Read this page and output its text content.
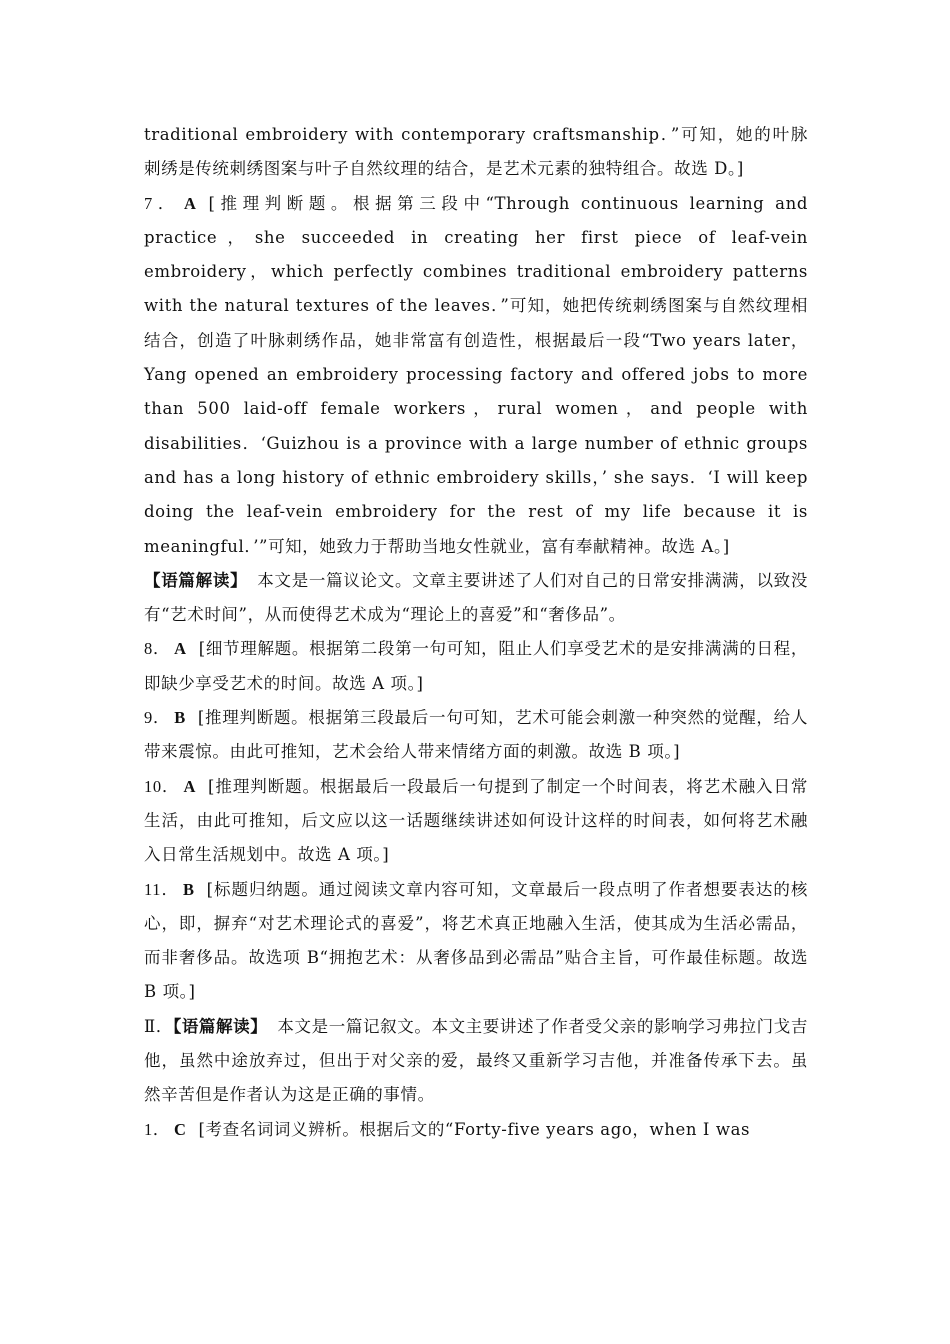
traditional embroidery with contemporary craftsmanship．”可知，她的叶脉刺绣是传统刺绣图案与叶子自然纹理的结合，是艺术元素的独特组合。故选 D。]

7． A [推理判断题。根据第三段中“Through continuous learning and practice，she succeeded in creating her first piece of leaf-vein embroidery，which perfectly combines traditional embroidery patterns with the natural textures of the leaves．”可知，她把传统刺绣图案与自然纹理相结合，创造了叶脉刺绣作品，她非常富有创造性，根据最后一段“Two years later，Yang opened an embroidery processing factory and offered jobs to more than 500 laid-off female workers，rural women，and people with disabilities．‘Guizhou is a province with a large number of ethnic groups and has a long history of ethnic embroidery skills，’ she says．‘I will keep doing the leaf-vein embroidery for the rest of my life because it is meaningful．’”可知，她致力于帮助当地女性就业，富有奉献精神。故选 A。]

【语篇解读】 本文是一篇议论文。文章主要讲述了人们对自己的日常安排满满，以致没有“艺术时间”，从而使得艺术成为“理论上的喜爱”和“奢侈品”。

8． A [细节理解题。根据第二段第一句可知，阻止人们享受艺术的是安排满满的日程，即缺少享受艺术的时间。故选 A 项。]

9． B [推理判断题。根据第三段最后一句可知，艺术可能会刺激一种突然的觉醒，给人带来震惊。由此可推知，艺术会给人带来情绪方面的刺激。故选 B 项。]

10． A [推理判断题。根据最后一段最后一句提到了制定一个时间表，将艺术融入日常生活，由此可推知，后文应以这一话题继续讲述如何设计这样的时间表，如何将艺术融入日常生活规划中。故选 A 项。]

11． B [标题归纳题。通过阅读文章内容可知，文章最后一段点明了作者想要表达的核心，即，摒弃“对艺术理论式的喜爱”，将艺术真正地融入生活，使其成为生活必需品，而非奢侈品。故选项 B“拥抱艺术：从奢侈品到必需品”贴合主旨，可作最佳标题。故选 B 项。]

Ⅱ．【语篇解读】 本文是一篇记叙文。本文主要讲述了作者受父亲的影响学习弗拉门戈吉他，虽然中途放弃过，但出于对父亲的爱，最终又重新学习吉他，并准备传承下去。虽然辛苦但是作者认为这是正确的事情。

1． C [考查名词词义辨析。根据后文的“Forty-five years ago，when I was
